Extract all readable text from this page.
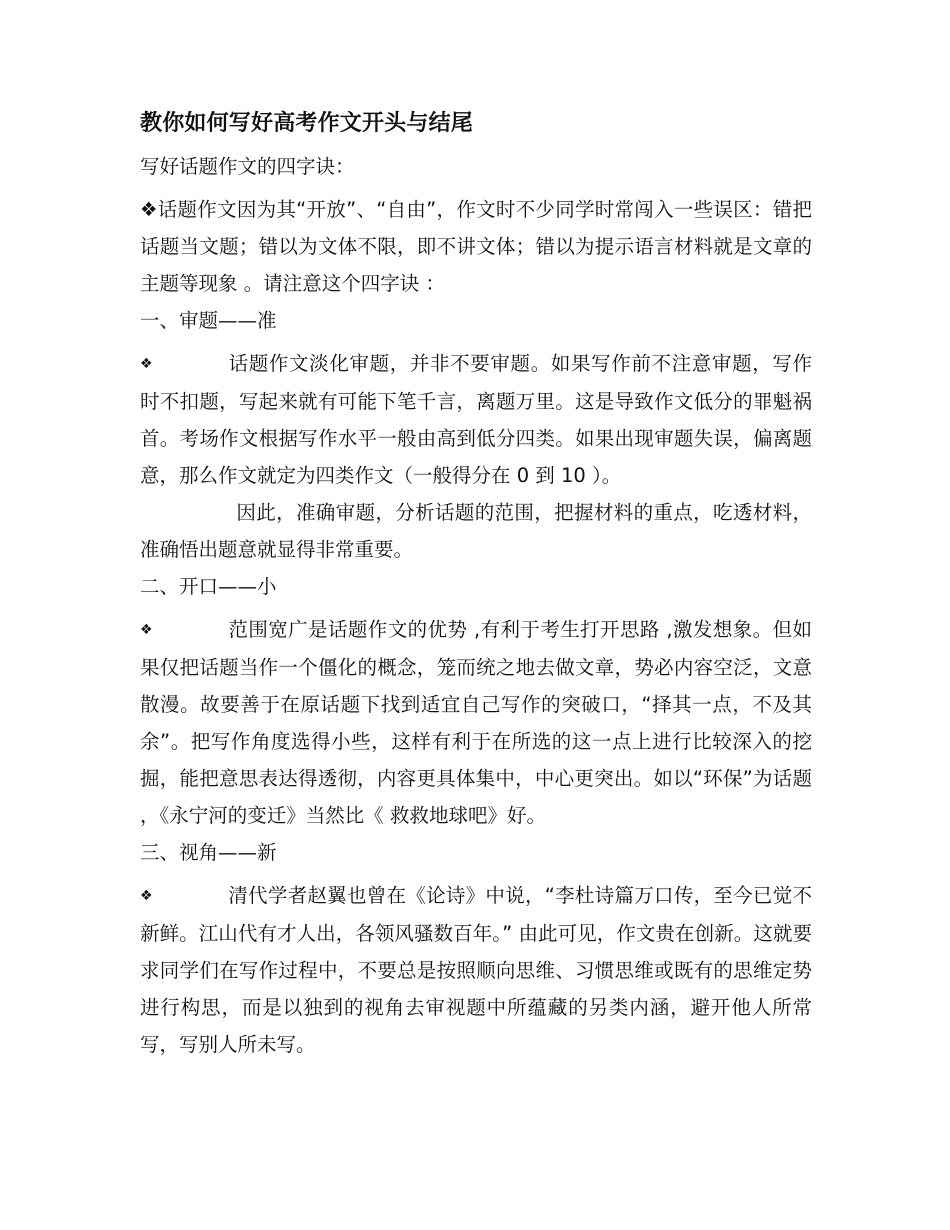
教你如何写好高考作文开头与结尾

写好话题作文的四字诀：

❖话题作文因为其“开放”、“自由”，作文时不少同学时常闯入一些误区：错把话题当文题；错以为文体不限，即不讲文体；错以为提示语言材料就是文章的主题等现象 。请注意这个四字诀 ：

一、审题——准

❖	话题作文淡化审题，并非不要审题。如果写作前不注意审题，写作时不扣题，写起来就有可能下笔千言，离题万里。这是导致作文低分的罪魁祸首。考场作文根据写作水平一般由高到低分四类。如果出现审题失误，偏离题意，那么作文就定为四类作文（一般得分在 0 到 10 ）。

因此，准确审题，分析话题的范围，把握材料的重点，吃透材料，准确悟出题意就显得非常重要。

二、开口——小

❖	范围宽广是话题作文的优势 ,有利于考生打开思路 ,激发想象。但如果仅把话题当作一个僵化的概念，笼而统之地去做文章，势必内容空泛，文意散漫。故要善于在原话题下找到适宜自己写作的突破口，“择其一点，不及其余”。把写作角度选得小些，这样有利于在所选的这一点上进行比较深入的挖掘，能把意思表达得透彻，内容更具体集中，中心更突出。如以“环保”为话题 ，《永宁河的变迁》当然比《 救救地球吧》好。

三、视角——新

❖	清代学者赵翼也曾在《论诗》中说，“李杜诗篇万口传，至今已觉不新鲜。江山代有才人出，各领风骚数百年。” 由此可见，作文贵在创新。这就要求同学们在写作过程中，不要总是按照顺向思维、习惯思维或既有的思维定势进行构思，而是以独到的视角去审视题中所蕴藏的另类内涵，避开他人所常写，写别人所未写。
